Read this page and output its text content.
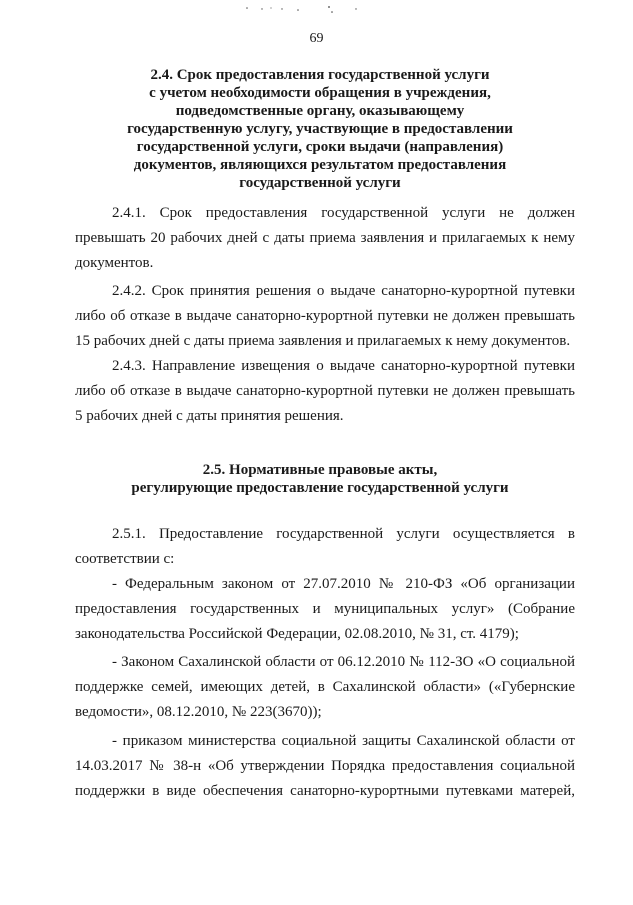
69
2.4. Срок предоставления государственной услуги
с учетом необходимости обращения в учреждения,
подведомственные органу, оказывающему
государственную услугу, участвующие в предоставлении
государственной услуги, сроки выдачи (направления)
документов, являющихся результатом предоставления
государственной услуги

2.4.1. Срок предоставления государственной услуги не должен
превышать 20 рабочих дней с даты приема заявления и прилагаемых к нему
документов.

2.4.2. Срок принятия решения о выдаче санаторно-курортной путевки
либо об отказе в выдаче санаторно-курортной путевки не должен превышать
15 рабочих дней с даты приема заявления и прилагаемых к нему документов.

2.4.3. Направление извещения о выдаче санаторно-курортной путевки
либо об отказе в выдаче санаторно-курортной путевки не должен превышать
5 рабочих дней с даты принятия решения.

2.5. Нормативные правовые акты,
регулирующие предоставление государственной услуги

2.5.1. Предоставление государственной услуги осуществляется в
соответствии с:

- Федеральным законом от 27.07.2010 № 210-ФЗ «Об организации
предоставления государственных и муниципальных услуг» (Собрание
законодательства Российской Федерации, 02.08.2010, № 31, ст. 4179);

- Законом Сахалинской области от 06.12.2010 № 112-ЗО «О социальной
поддержке семей, имеющих детей, в Сахалинской области» («Губернские
ведомости», 08.12.2010, № 223(3670));

- приказом министерства социальной защиты Сахалинской области от
14.03.2017 № 38-н «Об утверждении Порядка предоставления социальной
поддержки в виде обеспечения санаторно-курортными путевками матерей,
